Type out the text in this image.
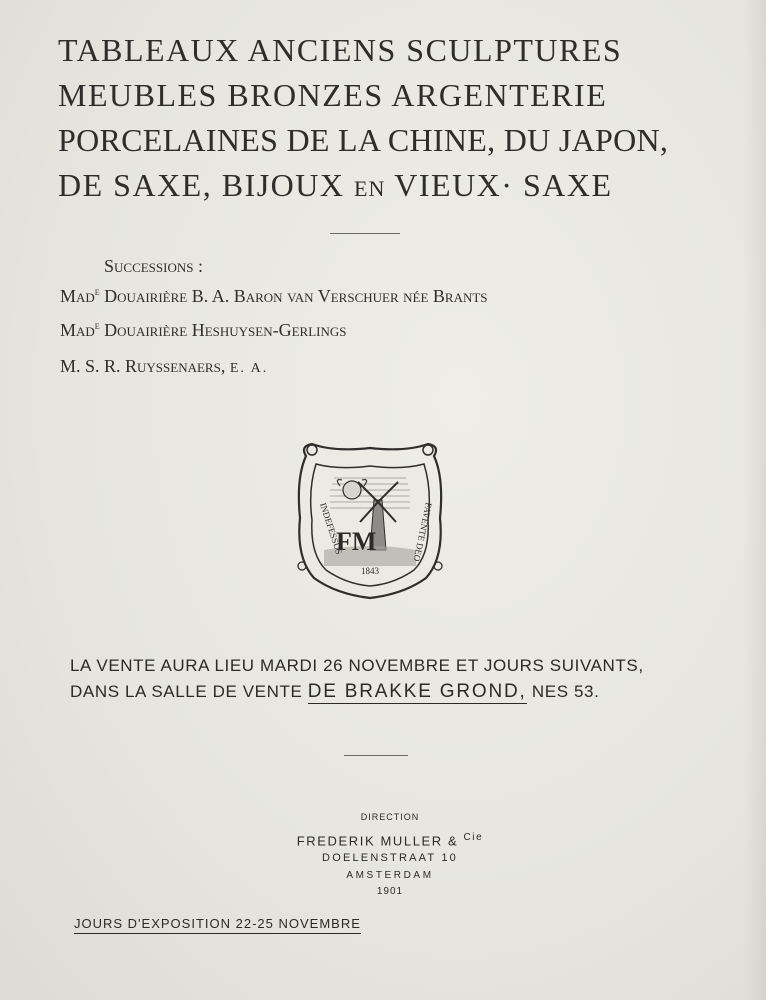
TABLEAUX ANCIENS SCULPTURES
MEUBLES BRONZES ARGENTERIE
PORCELAINES DE LA CHINE, DU JAPON,
DE SAXE, BIJOUX EN VIEUX· SAXE
Successions :
Mad$^e$ Douairière B. A. Baron van Verschuer née Brants
Mad$^e$ Douairière Heshuysen-Gerlings
M. S. R. Ruyssenaers, E. A.
FM
1843
INDEFESSUS	FAVENTE DEO
LA VENTE AURA LIEU MARDI 26 NOVEMBRE ET JOURS SUIVANTS,
DANS LA SALLE DE VENTE DE BRAKKE GROND, NES 53.
DIRECTION
FREDERIK MULLER & $^{Cie}$
DOELENSTRAAT 10
AMSTERDAM
1901
JOURS D'EXPOSITION 22-25 NOVEMBRE
